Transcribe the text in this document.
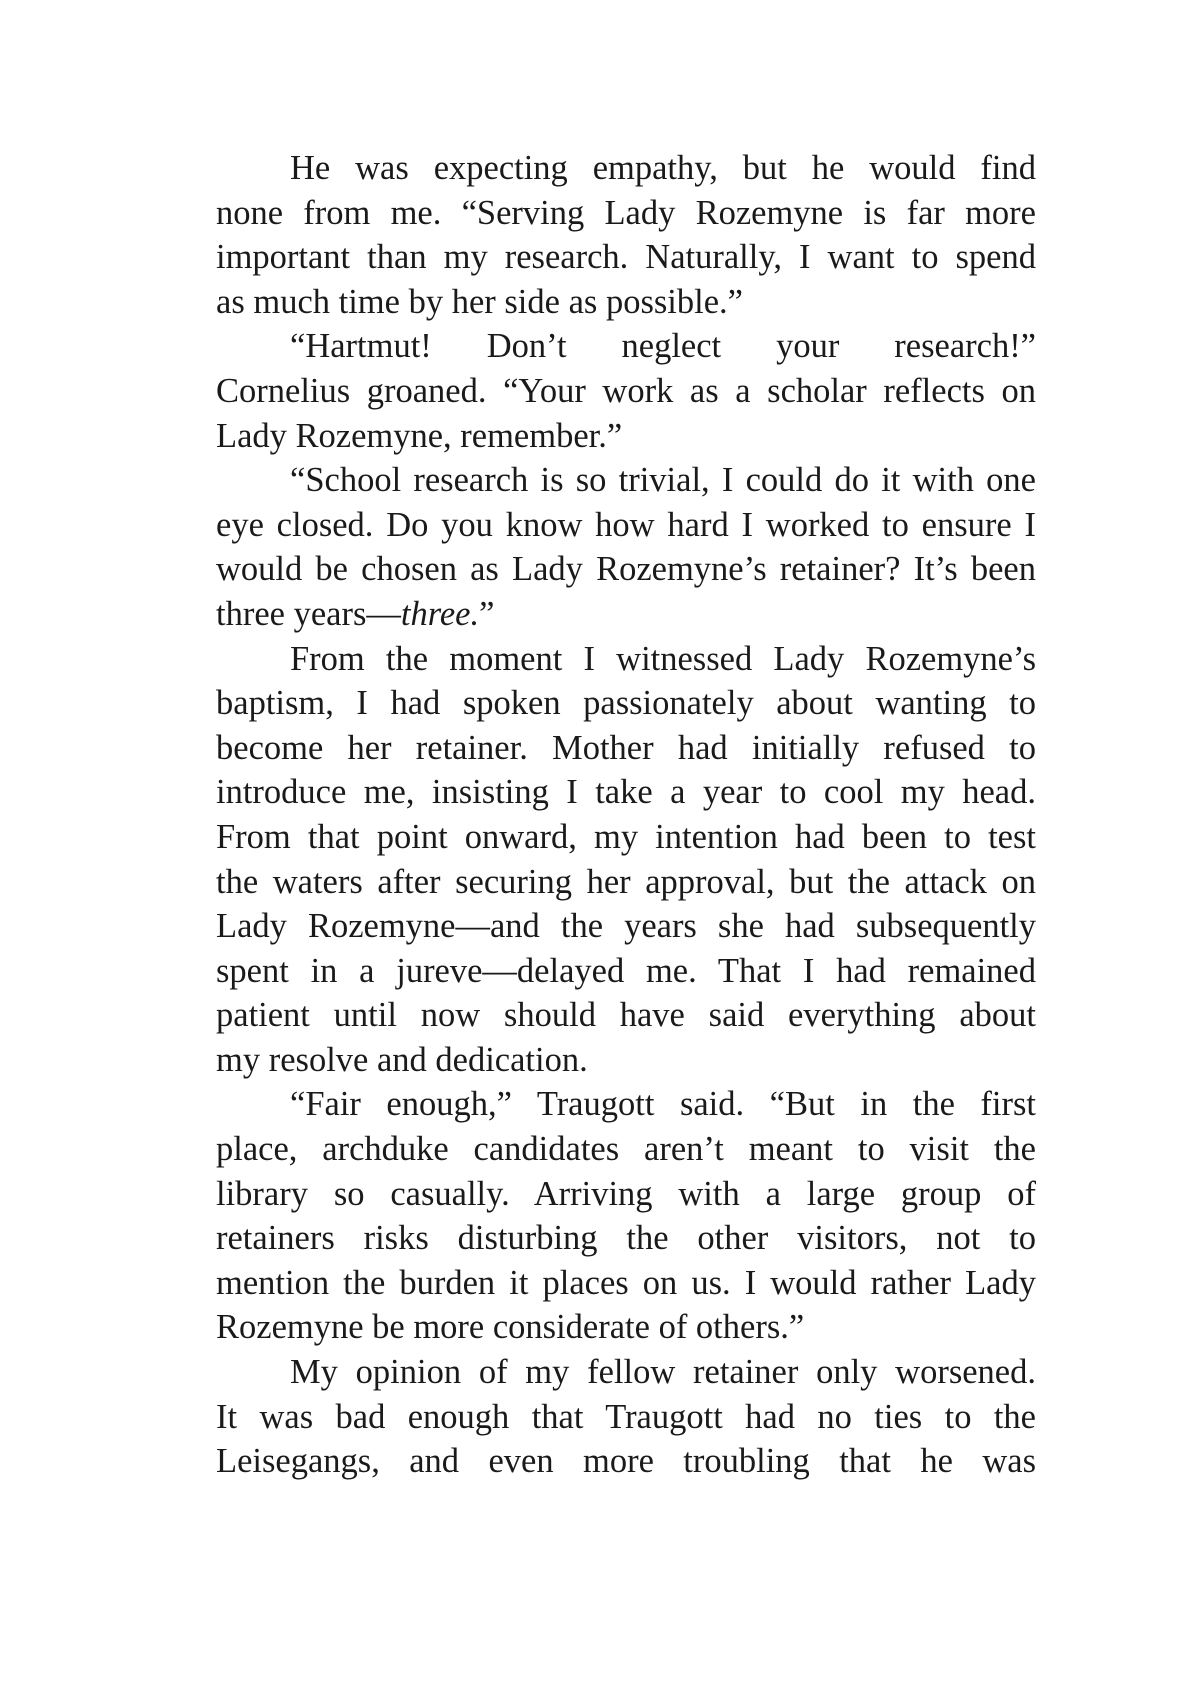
He was expecting empathy, but he would find
none from me. “Serving Lady Rozemyne is far more
important than my research. Naturally, I want to spend
as much time by her side as possible.”
“Hartmut! Don’t neglect your research!”
Cornelius groaned. “Your work as a scholar reflects on
Lady Rozemyne, remember.”
“School research is so trivial, I could do it with one
eye closed. Do you know how hard I worked to ensure I
would be chosen as Lady Rozemyne’s retainer? It’s been
three years—three.”
From the moment I witnessed Lady Rozemyne’s
baptism, I had spoken passionately about wanting to
become her retainer. Mother had initially refused to
introduce me, insisting I take a year to cool my head.
From that point onward, my intention had been to test
the waters after securing her approval, but the attack on
Lady Rozemyne—and the years she had subsequently
spent in a jureve—delayed me. That I had remained
patient until now should have said everything about
my resolve and dedication.
“Fair enough,” Traugott said. “But in the first
place, archduke candidates aren’t meant to visit the
library so casually. Arriving with a large group of
retainers risks disturbing the other visitors, not to
mention the burden it places on us. I would rather Lady
Rozemyne be more considerate of others.”
My opinion of my fellow retainer only worsened.
It was bad enough that Traugott had no ties to the
Leisegangs, and even more troubling that he was
